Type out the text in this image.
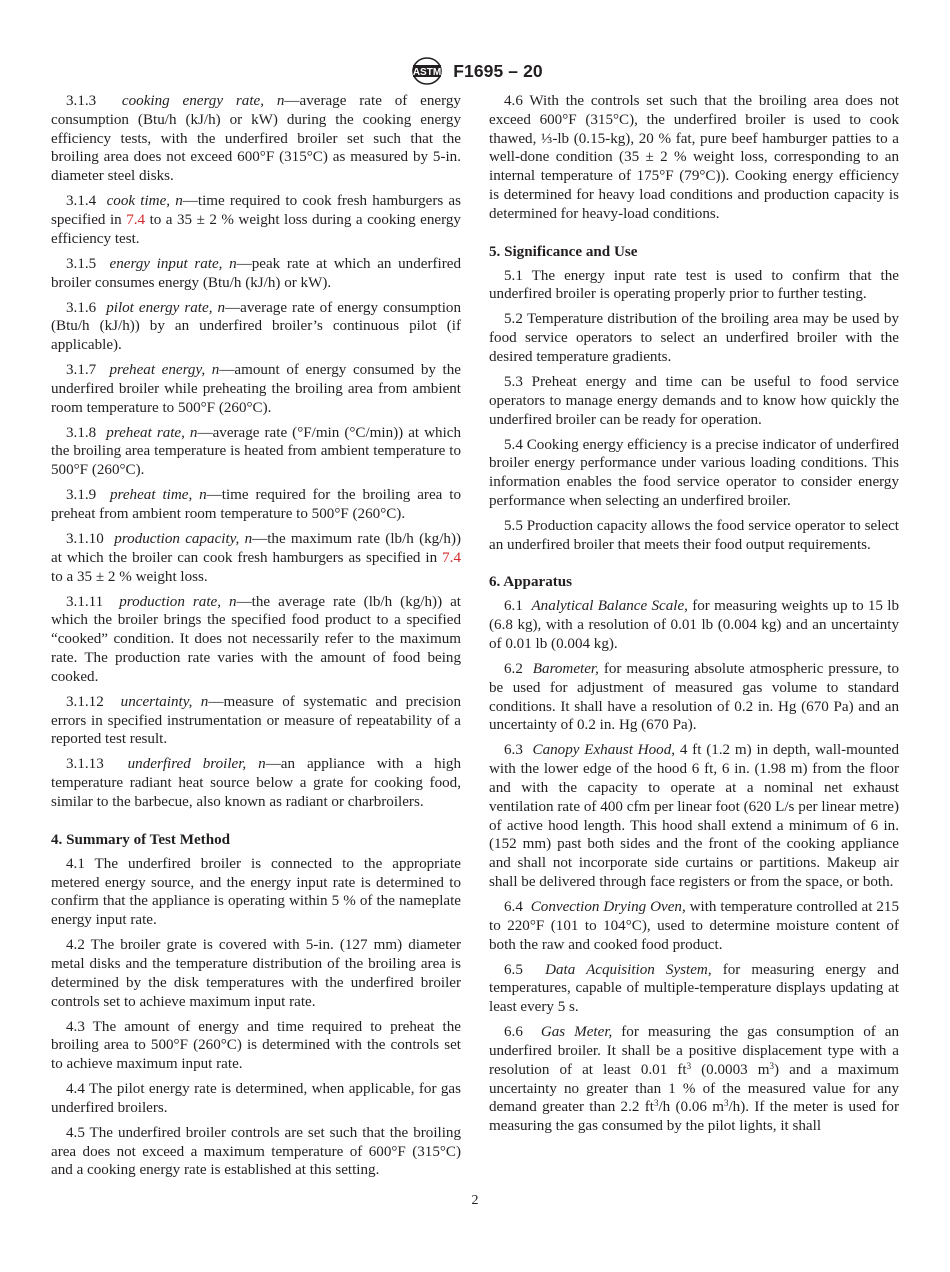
ASTM F1695 – 20

3.1.3 cooking energy rate, n—average rate of energy consumption (Btu/h (kJ/h) or kW) during the cooking energy efficiency tests, with the underfired broiler set such that the broiling area does not exceed 600°F (315°C) as measured by 5-in. diameter steel disks.

3.1.4 cook time, n—time required to cook fresh hamburgers as specified in 7.4 to a 35 ± 2 % weight loss during a cooking energy efficiency test.

3.1.5 energy input rate, n—peak rate at which an underfired broiler consumes energy (Btu/h (kJ/h) or kW).

3.1.6 pilot energy rate, n—average rate of energy consumption (Btu/h (kJ/h)) by an underfired broiler’s continuous pilot (if applicable).

3.1.7 preheat energy, n—amount of energy consumed by the underfired broiler while preheating the broiling area from ambient room temperature to 500°F (260°C).

3.1.8 preheat rate, n—average rate (°F/min (°C/min)) at which the broiling area temperature is heated from ambient temperature to 500°F (260°C).

3.1.9 preheat time, n—time required for the broiling area to preheat from ambient room temperature to 500°F (260°C).

3.1.10 production capacity, n—the maximum rate (lb/h (kg/h)) at which the broiler can cook fresh hamburgers as specified in 7.4 to a 35 ± 2 % weight loss.

3.1.11 production rate, n—the average rate (lb/h (kg/h)) at which the broiler brings the specified food product to a specified “cooked” condition. It does not necessarily refer to the maximum rate. The production rate varies with the amount of food being cooked.

3.1.12 uncertainty, n—measure of systematic and precision errors in specified instrumentation or measure of repeatability of a reported test result.

3.1.13 underfired broiler, n—an appliance with a high temperature radiant heat source below a grate for cooking food, similar to the barbecue, also known as radiant or charbroilers.

4. Summary of Test Method

4.1 The underfired broiler is connected to the appropriate metered energy source, and the energy input rate is determined to confirm that the appliance is operating within 5 % of the nameplate energy input rate.

4.2 The broiler grate is covered with 5-in. (127 mm) diameter metal disks and the temperature distribution of the broiling area is determined by the disk temperatures with the underfired broiler controls set to achieve maximum input rate.

4.3 The amount of energy and time required to preheat the broiling area to 500°F (260°C) is determined with the controls set to achieve maximum input rate.

4.4 The pilot energy rate is determined, when applicable, for gas underfired broilers.

4.5 The underfired broiler controls are set such that the broiling area does not exceed a maximum temperature of 600°F (315°C) and a cooking energy rate is established at this setting.

4.6 With the controls set such that the broiling area does not exceed 600°F (315°C), the underfired broiler is used to cook thawed, ⅓-lb (0.15-kg), 20 % fat, pure beef hamburger patties to a well-done condition (35 ± 2 % weight loss, corresponding to an internal temperature of 175°F (79°C)). Cooking energy efficiency is determined for heavy load conditions and production capacity is determined for heavy-load conditions.

5. Significance and Use

5.1 The energy input rate test is used to confirm that the underfired broiler is operating properly prior to further testing.

5.2 Temperature distribution of the broiling area may be used by food service operators to select an underfired broiler with the desired temperature gradients.

5.3 Preheat energy and time can be useful to food service operators to manage energy demands and to know how quickly the underfired broiler can be ready for operation.

5.4 Cooking energy efficiency is a precise indicator of underfired broiler energy performance under various loading conditions. This information enables the food service operator to consider energy performance when selecting an underfired broiler.

5.5 Production capacity allows the food service operator to select an underfired broiler that meets their food output requirements.

6. Apparatus

6.1 Analytical Balance Scale, for measuring weights up to 15 lb (6.8 kg), with a resolution of 0.01 lb (0.004 kg) and an uncertainty of 0.01 lb (0.004 kg).

6.2 Barometer, for measuring absolute atmospheric pressure, to be used for adjustment of measured gas volume to standard conditions. It shall have a resolution of 0.2 in. Hg (670 Pa) and an uncertainty of 0.2 in. Hg (670 Pa).

6.3 Canopy Exhaust Hood, 4 ft (1.2 m) in depth, wall-mounted with the lower edge of the hood 6 ft, 6 in. (1.98 m) from the floor and with the capacity to operate at a nominal net exhaust ventilation rate of 400 cfm per linear foot (620 L/s per linear metre) of active hood length. This hood shall extend a minimum of 6 in. (152 mm) past both sides and the front of the cooking appliance and shall not incorporate side curtains or partitions. Makeup air shall be delivered through face registers or from the space, or both.

6.4 Convection Drying Oven, with temperature controlled at 215 to 220°F (101 to 104°C), used to determine moisture content of both the raw and cooked food product.

6.5 Data Acquisition System, for measuring energy and temperatures, capable of multiple-temperature displays updating at least every 5 s.

6.6 Gas Meter, for measuring the gas consumption of an underfired broiler. It shall be a positive displacement type with a resolution of at least 0.01 $ft^3$ (0.0003 $m^3$) and a maximum uncertainty no greater than 1 % of the measured value for any demand greater than 2.2 $ft^3/h$ (0.06 $m^3/h$). If the meter is used for measuring the gas consumed by the pilot lights, it shall

2
